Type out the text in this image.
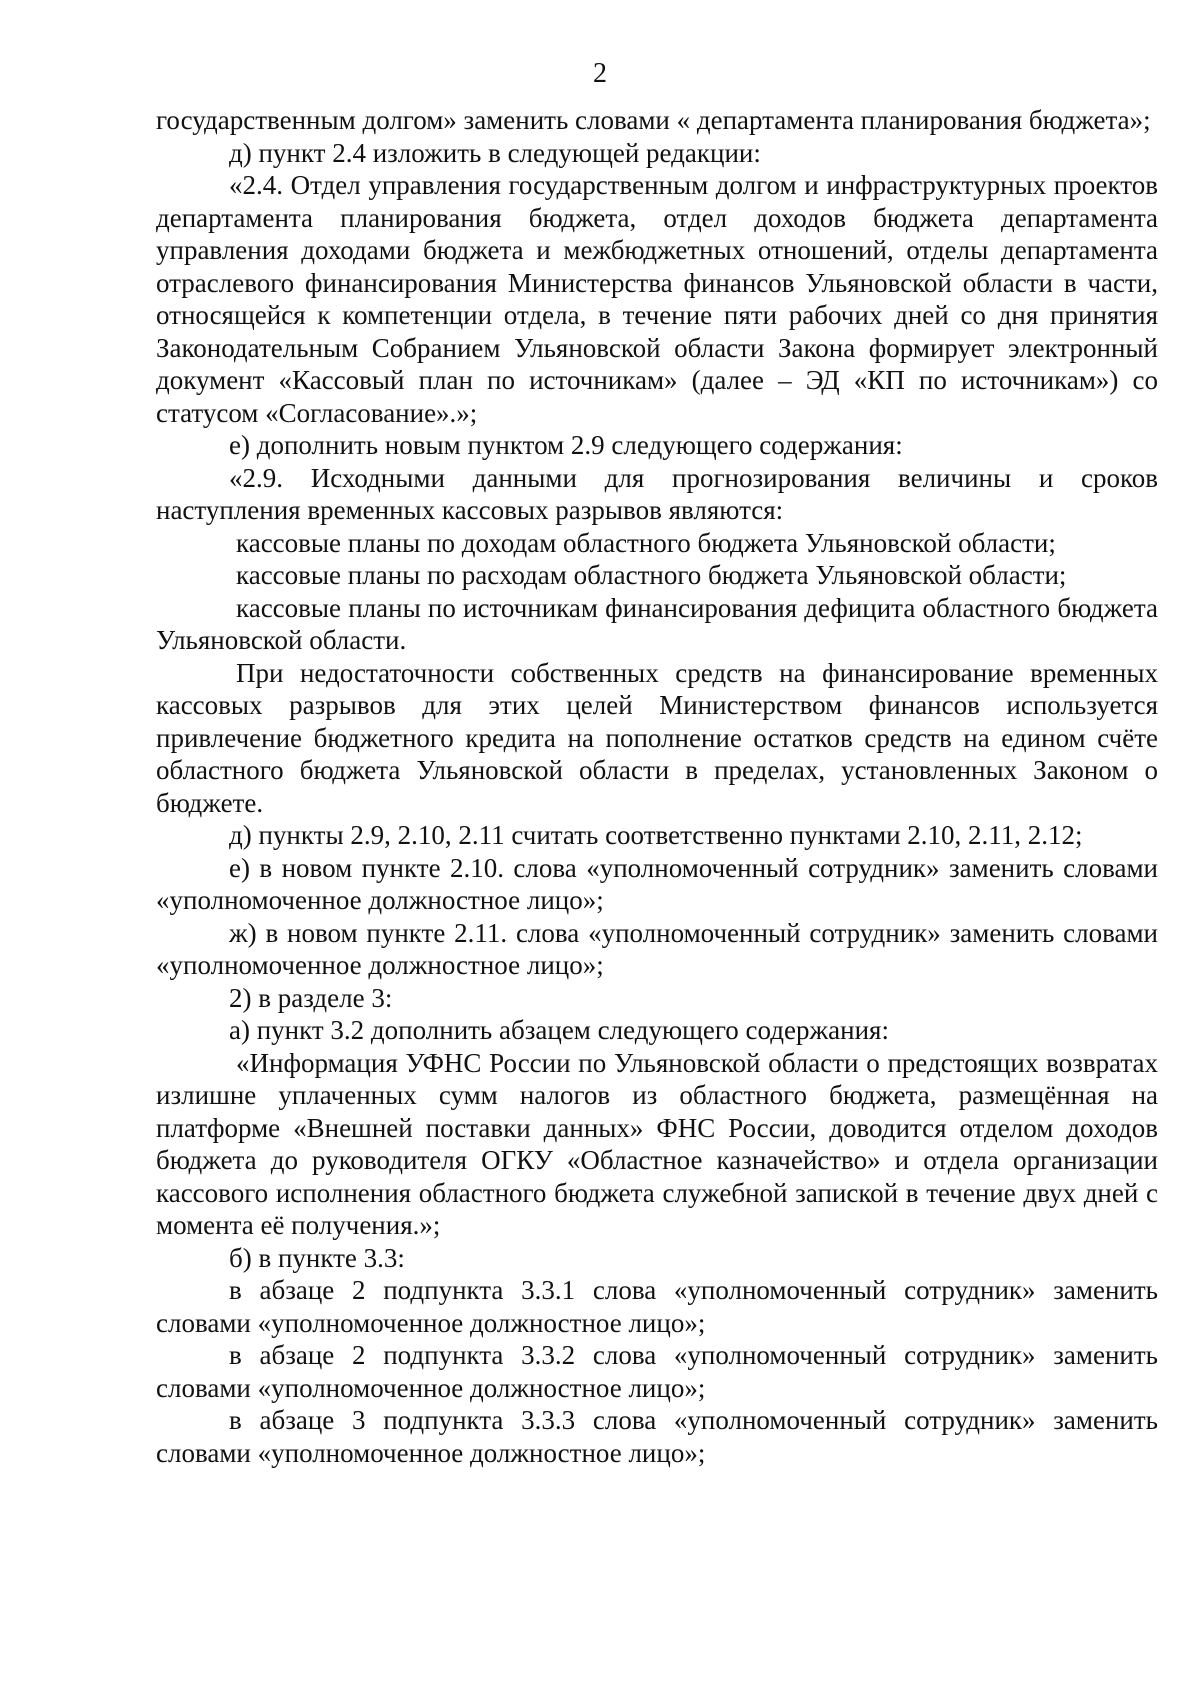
2

государственным долгом» заменить словами « департамента планирования бюджета»;

д) пункт 2.4 изложить в следующей редакции:

«2.4. Отдел управления государственным долгом и инфраструктурных проектов департамента планирования бюджета, отдел доходов бюджета департамента управления доходами бюджета и межбюджетных отношений, отделы департамента отраслевого финансирования Министерства финансов Ульяновской области в части, относящейся к компетенции отдела, в течение пяти рабочих дней со дня принятия Законодательным Собранием Ульяновской области Закона формирует электронный документ «Кассовый план по источникам» (далее – ЭД «КП по источникам») со статусом «Согласование».»;

е) дополнить новым пунктом 2.9 следующего содержания:

«2.9. Исходными данными для прогнозирования величины и сроков наступления временных кассовых разрывов являются:

кассовые планы по доходам областного бюджета Ульяновской области;

кассовые планы по расходам областного бюджета Ульяновской области;

кассовые планы по источникам финансирования дефицита областного бюджета Ульяновской области.

При недостаточности собственных средств на финансирование временных кассовых разрывов для этих целей Министерством финансов используется привлечение бюджетного кредита на пополнение остатков средств на едином счёте областного бюджета Ульяновской области в пределах, установленных Законом о бюджете.

д) пункты 2.9, 2.10, 2.11 считать соответственно пунктами 2.10, 2.11, 2.12;

е) в новом пункте 2.10. слова «уполномоченный сотрудник» заменить словами «уполномоченное должностное лицо»;

ж) в новом пункте 2.11. слова «уполномоченный сотрудник» заменить словами «уполномоченное должностное лицо»;

2) в разделе 3:

а) пункт 3.2 дополнить абзацем следующего содержания:

«Информация УФНС России по Ульяновской области о предстоящих возвратах излишне уплаченных сумм налогов из областного бюджета, размещённая на платформе «Внешней поставки данных» ФНС России, доводится отделом доходов бюджета до руководителя ОГКУ «Областное казначейство» и отдела организации кассового исполнения областного бюджета служебной запиской в течение двух дней с момента её получения.»;

б) в пункте 3.3:

в абзаце 2 подпункта 3.3.1 слова «уполномоченный сотрудник» заменить словами «уполномоченное должностное лицо»;

в абзаце 2 подпункта 3.3.2 слова «уполномоченный сотрудник» заменить словами «уполномоченное должностное лицо»;

в абзаце 3 подпункта 3.3.3 слова «уполномоченный сотрудник» заменить словами «уполномоченное должностное лицо»;
